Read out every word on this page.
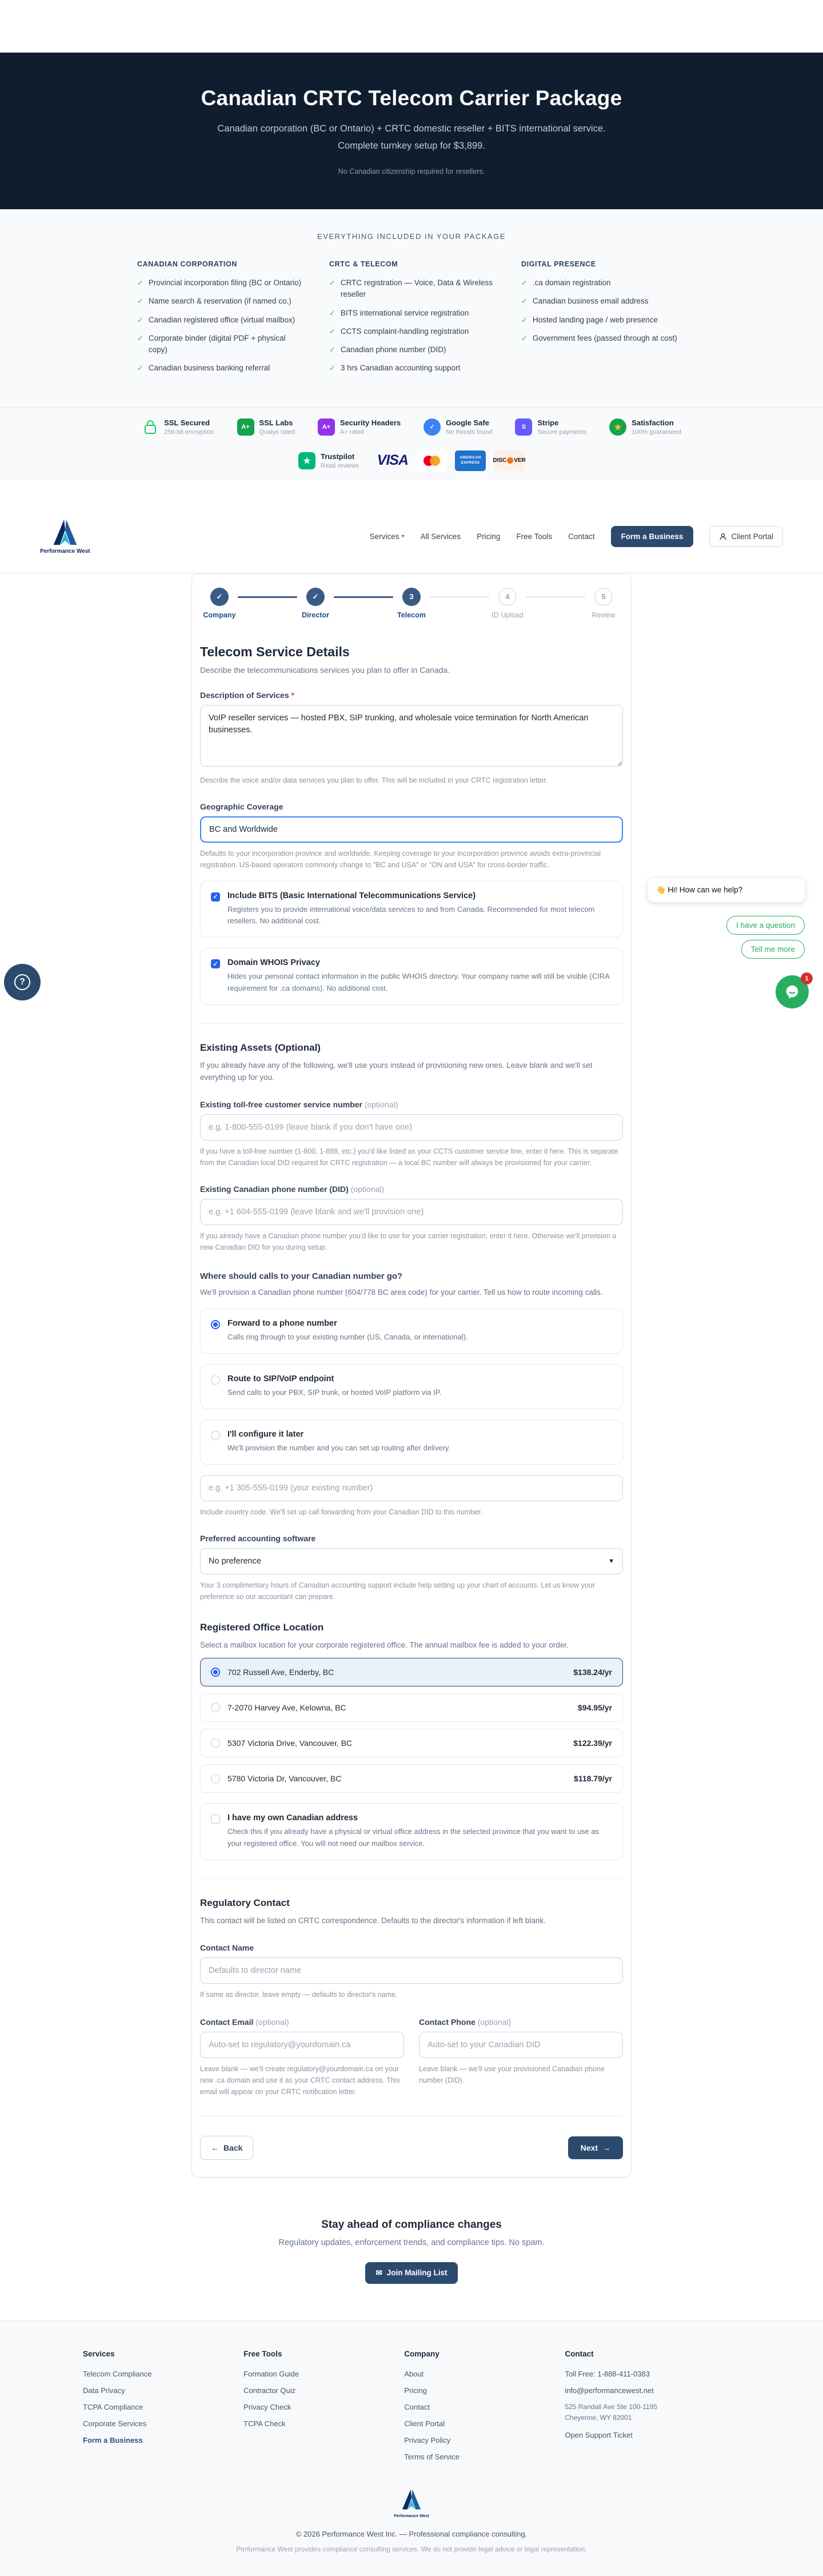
Canadian CRTC Telecom Carrier Package
Canadian corporation (BC or Ontario) + CRTC domestic reseller + BITS international service. Complete turnkey setup for $3,899.
No Canadian citizenship required for resellers.
EVERYTHING INCLUDED IN YOUR PACKAGE
CANADIAN CORPORATION
✓ Provincial incorporation filing (BC or Ontario)
✓ Name search & reservation (if named co.)
✓ Canadian registered office (virtual mailbox)
✓ Corporate binder (digital PDF + physical copy)
✓ Canadian business banking referral
CRTC & TELECOM
✓ CRTC registration — Voice, Data & Wireless reseller
✓ BITS international service registration
✓ CCTS complaint-handling registration
✓ Canadian phone number (DID)
✓ 3 hrs Canadian accounting support
DIGITAL PRESENCE
✓ .ca domain registration
✓ Canadian business email address
✓ Hosted landing page / web presence
✓ Government fees (passed through at cost)
SSL Secured
256-bit encryption
A+ SSL Labs
Qualys rated
A+ Security Headers
A+ rated
✓
Google Safe
No threats found
S Stripe
Secure payments	★ Satisfaction
100% guaranteed
★ Trustpilot
Read reviews VISA	AMERICAN
EXPRESS DISC VER
Performance West
Services ▾ All Services Pricing Free Tools Contact	Form a Business	Client Portal
✓
Company
✓
Director
3
Telecom
4
ID Upload
5
Review
Telecom Service Details
Describe the telecommunications services you plan to offer in Canada.
Description of Services *
VoIP reseller services — hosted PBX, SIP trunking, and wholesale voice termination for North American businesses.
Describe the voice and/or data services you plan to offer. This will be included in your CRTC registration letter.
Geographic Coverage
BC and Worldwide
Defaults to your incorporation province and worldwide. Keeping coverage to your incorporation province avoids extra-provincial registration. US-based operators commonly change to "BC and USA" or "ON and USA" for cross-border traffic.
✓ Include BITS (Basic International Telecommunications Service)
Registers you to provide international voice/data services to and from Canada. Recommended for most telecom resellers. No additional cost.
✓ Domain WHOIS Privacy
Hides your personal contact information in the public WHOIS directory. Your company name will still be visible (CIRA requirement for .ca domains). No additional cost.
Existing Assets (Optional)
If you already have any of the following, we'll use yours instead of provisioning new ones. Leave blank and we'll set everything up for you.
Existing toll-free customer service number (optional)
e.g. 1-800-555-0199 (leave blank if you don't have one)
If you have a toll-free number (1-800, 1-888, etc.) you'd like listed as your CCTS customer service line, enter it here. This is separate from the Canadian local DID required for CRTC registration — a local BC number will always be provisioned for your carrier.
Existing Canadian phone number (DID) (optional)
e.g. +1 604-555-0199 (leave blank and we'll provision one)
If you already have a Canadian phone number you'd like to use for your carrier registration, enter it here. Otherwise we'll provision a new Canadian DID for you during setup.
Where should calls to your Canadian number go?
We'll provision a Canadian phone number (604/778 BC area code) for your carrier. Tell us how to route incoming calls.
Forward to a phone number
Calls ring through to your existing number (US, Canada, or international).
Route to SIP/VoIP endpoint
Send calls to your PBX, SIP trunk, or hosted VoIP platform via IP.
I'll configure it later
We'll provision the number and you can set up routing after delivery.
e.g. +1 305-555-0199 (your existing number)
Include country code. We'll set up call forwarding from your Canadian DID to this number.
Preferred accounting software
No preference	▼
Your 3 complimentary hours of Canadian accounting support include help setting up your chart of accounts. Let us know your preference so our accountant can prepare.
Registered Office Location
Select a mailbox location for your corporate registered office. The annual mailbox fee is added to your order.
702 Russell Ave, Enderby, BC	$138.24/yr
7-2070 Harvey Ave, Kelowna, BC	$94.95/yr
5307 Victoria Drive, Vancouver, BC	$122.39/yr
5780 Victoria Dr, Vancouver, BC	$118.79/yr
I have my own Canadian address
Check this if you already have a physical or virtual office address in the selected province that you want to use as your registered office. You will not need our mailbox service.
Regulatory Contact
This contact will be listed on CRTC correspondence. Defaults to the director's information if left blank.
Contact Name
Defaults to director name
If same as director, leave empty — defaults to director's name.
Contact Email (optional)
Auto-set to regulatory@yourdomain.ca
Leave blank — we'll create regulatory@yourdomain.ca on your new .ca domain and use it as your CRTC contact address. This email will appear on your CRTC notification letter.
Contact Phone (optional)
Auto-set to your Canadian DID
Leave blank — we'll use your provisioned Canadian phone number (DID).
← Back	Next →
Stay ahead of compliance changes
Regulatory updates, enforcement trends, and compliance tips. No spam.
✉ Join Mailing List
Services
Telecom Compliance
Data Privacy
TCPA Compliance
Corporate Services
Form a Business
Free Tools
Formation Guide
Contractor Quiz
Privacy Check
TCPA Check
Company
About
Pricing
Contact
Client Portal
Privacy Policy
Terms of Service
Contact
Toll Free: 1-888-411-0383
info@performancewest.net
525 Randall Ave Ste 100-1195
Cheyenne, WY 82001
Open Support Ticket
Performance West
© 2026 Performance West Inc. — Professional compliance consulting.
Performance West provides compliance consulting services. We do not provide legal advice or legal representation.
?
👋 Hi! How can we help?
I have a question
Tell me more
1
